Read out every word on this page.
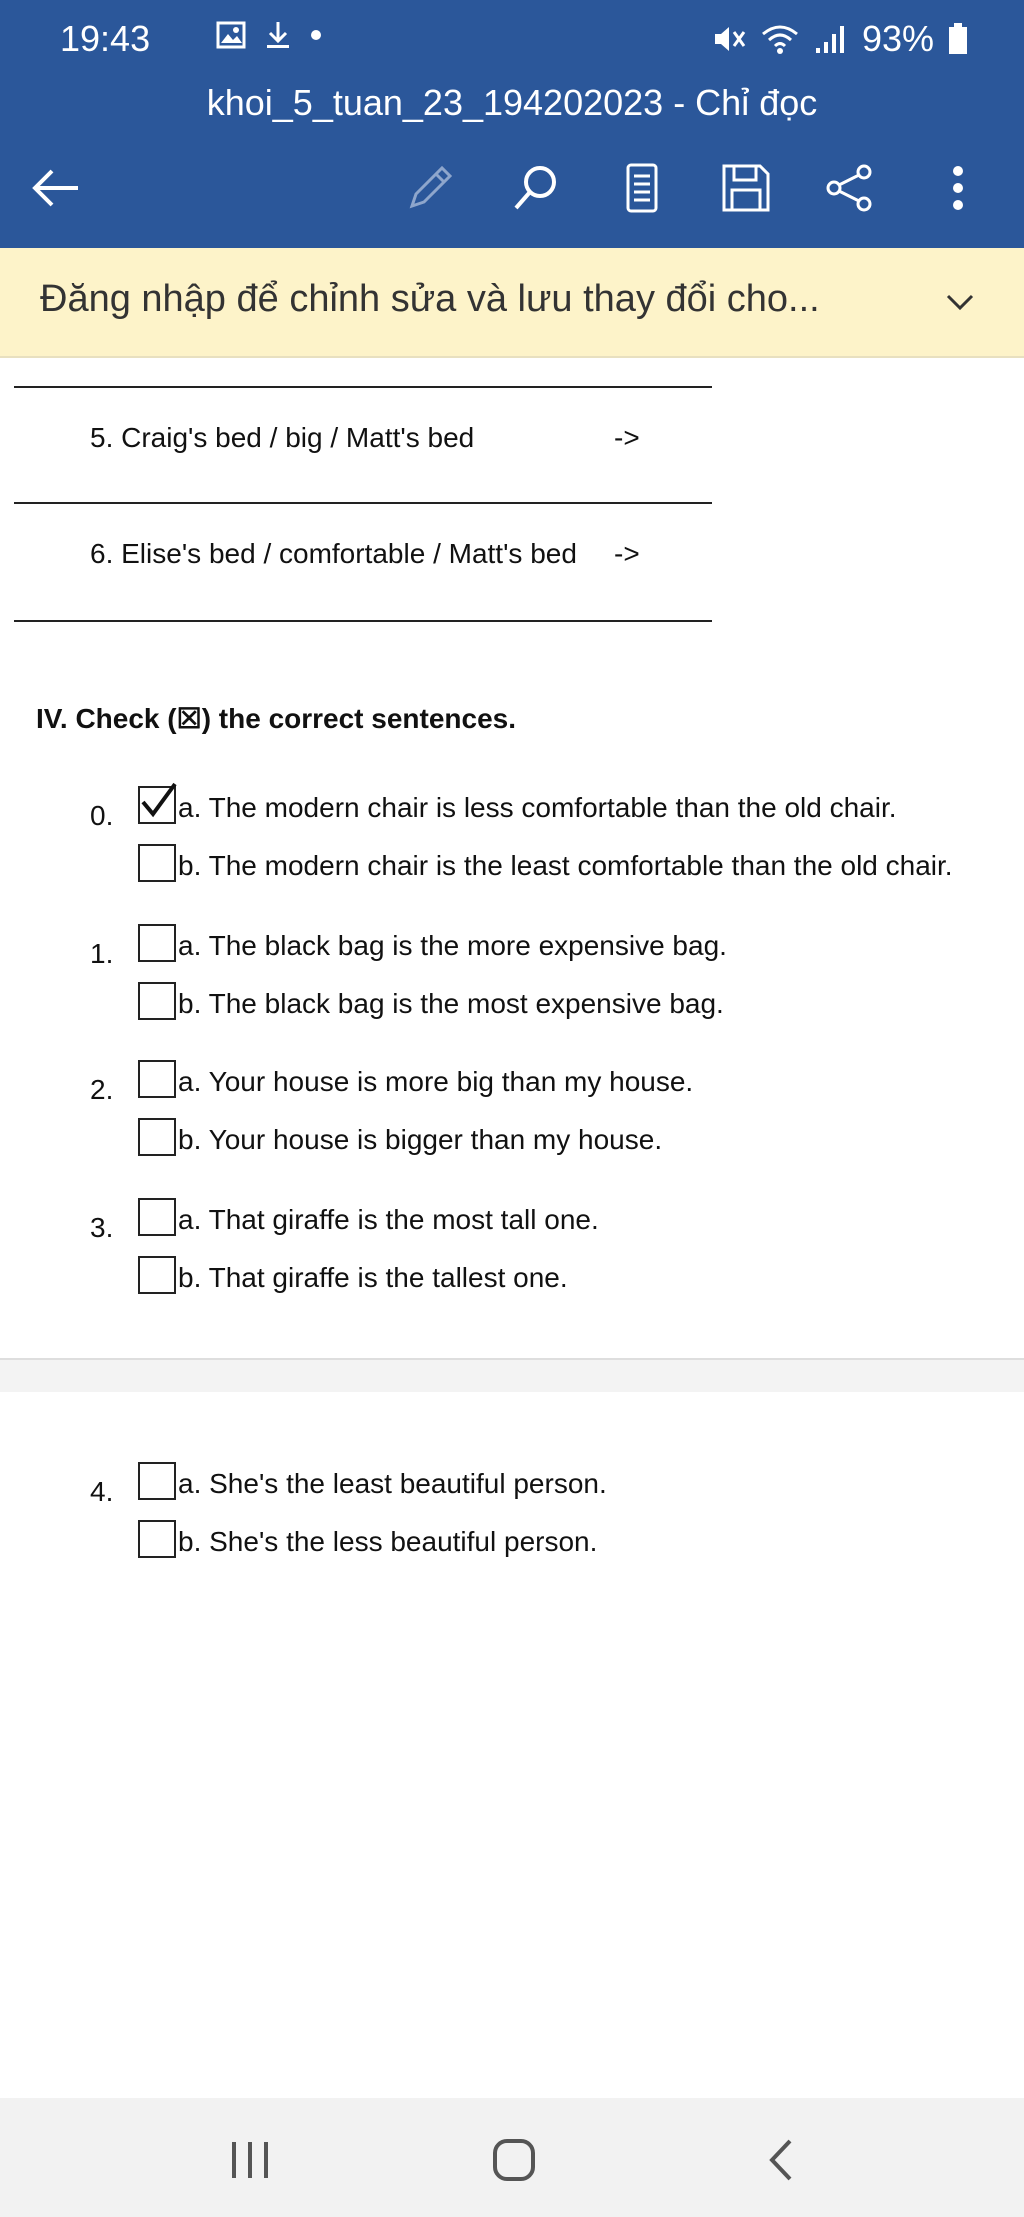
19:43	93%
khoi_5_tuan_23_194202023 - Chỉ đọc
Đăng nhập để chỉnh sửa và lưu thay đổi cho...
5. Craig's bed / big / Matt's bed	->
6. Elise's bed / comfortable / Matt's bed ->
IV. Check (☒) the correct sentences.
0. a. The modern chair is less comfortable than the old chair.
b. The modern chair is the least comfortable than the old chair.
1. a. The black bag is the more expensive bag.
b. The black bag is the most expensive bag.
2. a. Your house is more big than my house.
b. Your house is bigger than my house.
3. a. That giraffe is the most tall one.
b. That giraffe is the tallest one.
4. a. She's the least beautiful person.
b. She's the less beautiful person.
